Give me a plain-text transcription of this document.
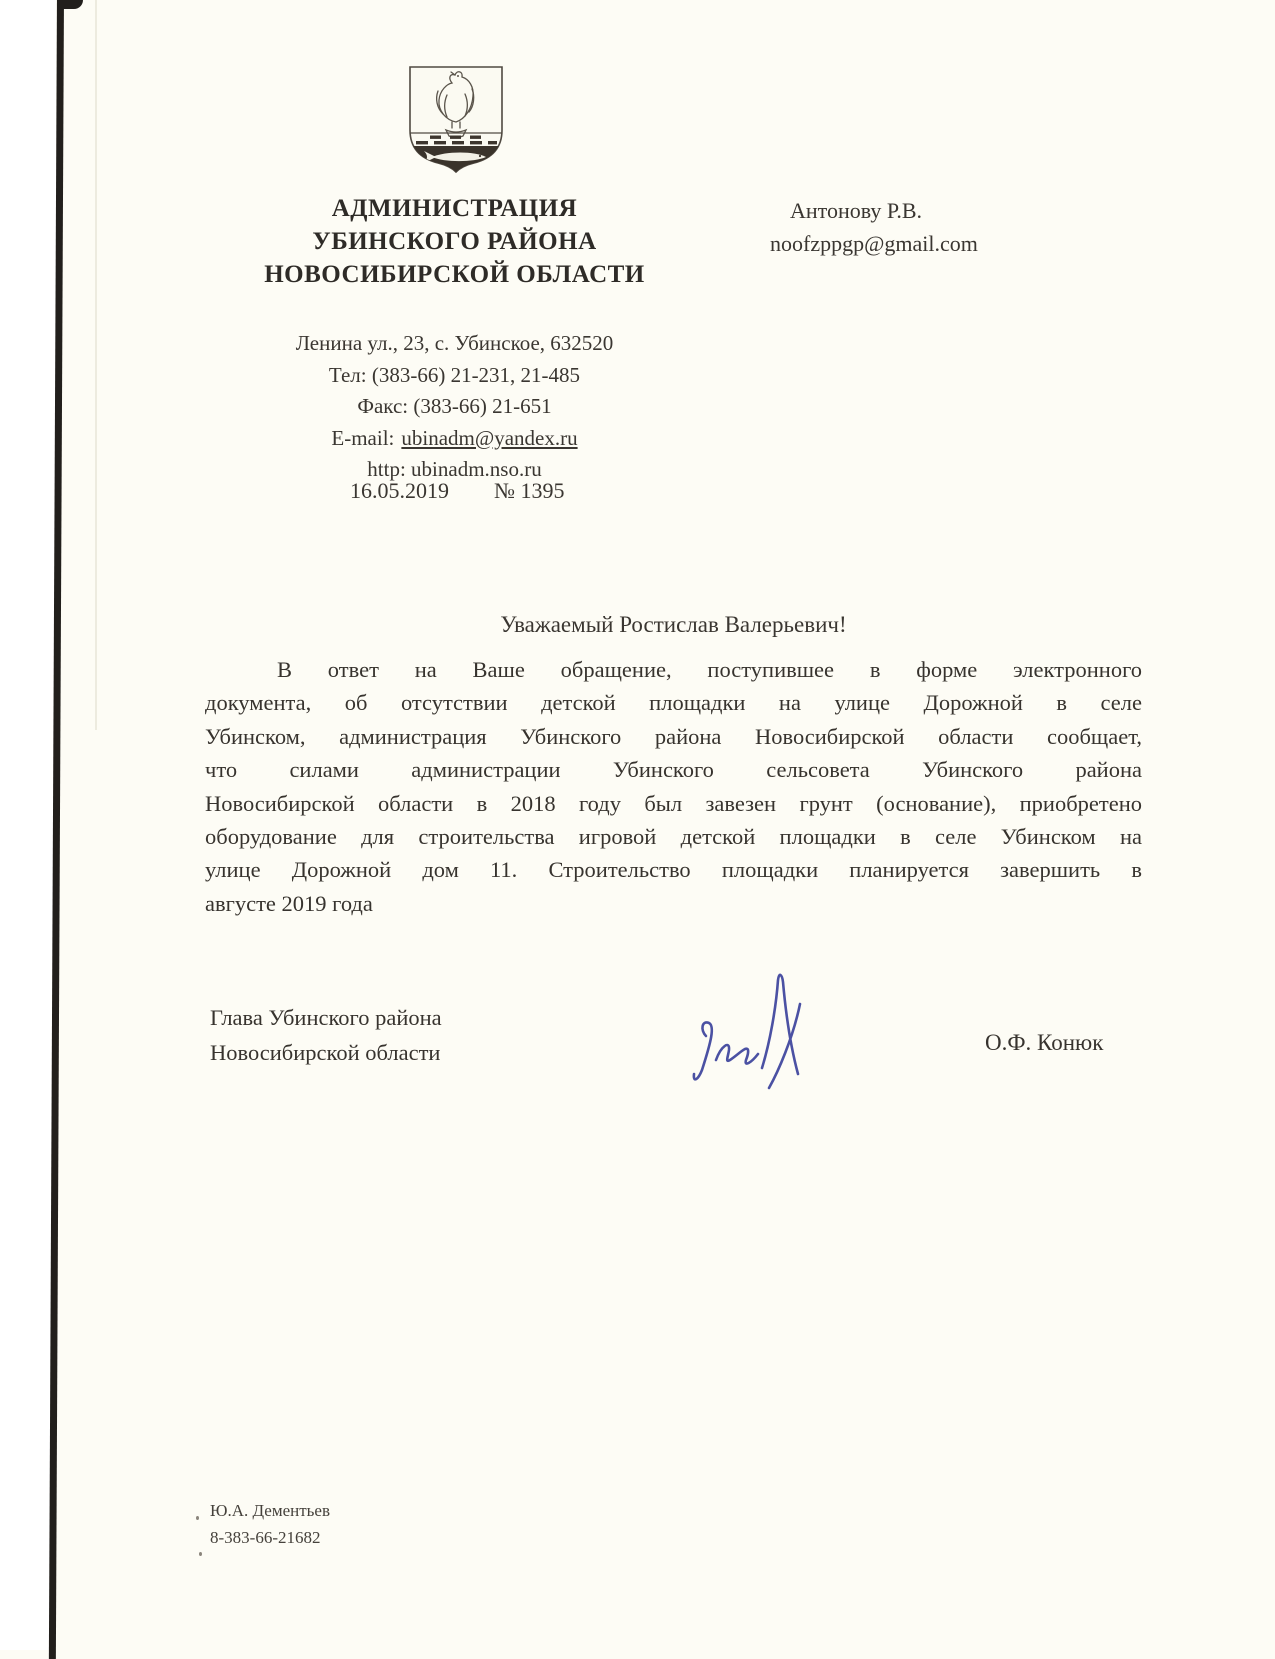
АДМИНИСТРАЦИЯ
УБИНСКОГО РАЙОНА
НОВОСИБИРСКОЙ ОБЛАСТИ
Антонову Р.В.
noofzppgp@gmail.com
Ленина ул., 23, с. Убинское, 632520
Тел: (383-66) 21-231, 21-485
Факс: (383-66) 21-651
E-mail: ubinadm@yandex.ru
http: ubinadm.nso.ru
16.05.2019 № 1395
Уважаемый Ростислав Валерьевич!
В ответ на Ваше обращение, поступившее в форме электронного
документа, об отсутствии детской площадки на улице Дорожной в селе
Убинском, администрация Убинского района Новосибирской области сообщает,
что силами администрации Убинского сельсовета Убинского района
Новосибирской области в 2018 году был завезен грунт (основание), приобретено
оборудование для строительства игровой детской площадки в селе Убинском на
улице Дорожной дом 11. Строительство площадки планируется завершить в
августе 2019 года
Глава Убинского района
Новосибирской области	О.Ф. Конюк
Ю.А. Дементьев
8-383-66-21682
